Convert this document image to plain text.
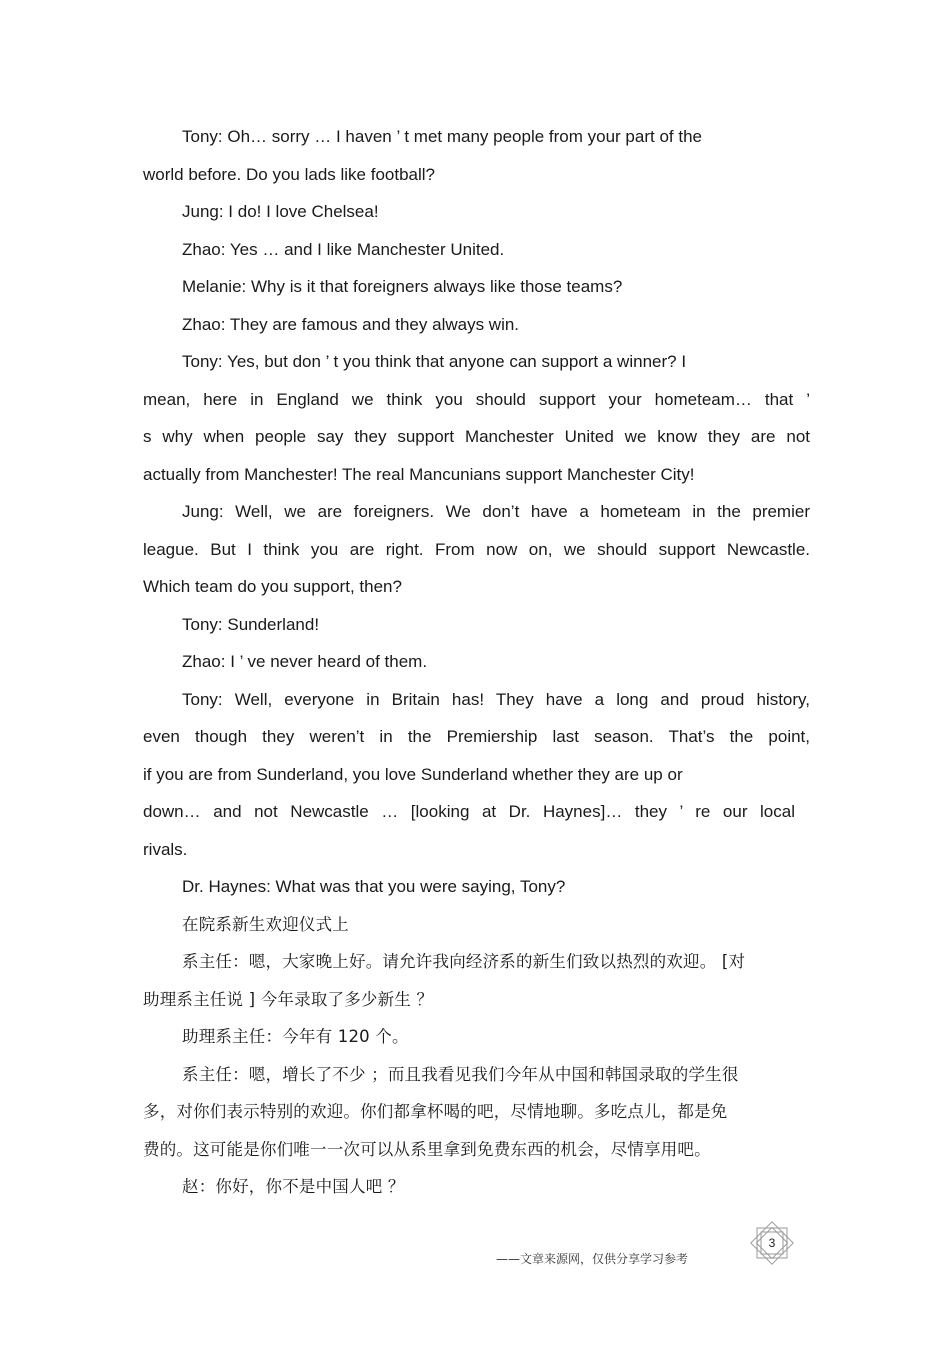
Tony: Oh… sorry … I haven ’ t met many people from your part of the
world before. Do you lads like football?
Jung: I do! I love Chelsea!
Zhao: Yes … and I like Manchester United.
Melanie: Why is it that foreigners always like those teams?
Zhao: They are famous and they always win.
Tony: Yes, but don ’ t you think that anyone can support a winner? I
mean, here in England we think you should support your hometeam… that ’
s why when people say they support Manchester United we know they are not
actually from Manchester! The real Mancunians support Manchester City!
Jung: Well, we are foreigners. We don’t have a hometeam in the premier
league. But I think you are right. From now on, we should support Newcastle.
Which team do you support, then?
Tony: Sunderland!
Zhao: I ’ ve never heard of them.
Tony: Well, everyone in Britain has! They have a long and proud history,
even though they weren’t in the Premiership last season. That’s the point,
if you are from Sunderland, you love Sunderland whether they are up or
down… and not Newcastle … [looking at Dr. Haynes]… they ’ re our local
rivals.
Dr. Haynes: What was that you were saying, Tony?
在院系新生欢迎仪式上
系主任：嗯，大家晚上好。请允许我向经济系的新生们致以热烈的欢迎。 [对
助理系主任说 ] 今年录取了多少新生 ？
助理系主任：今年有 120 个。
系主任：嗯，增长了不少 ；而且我看见我们今年从中国和韩国录取的学生很
多，对你们表示特别的欢迎。你们都拿杯喝的吧，尽情地聊。多吃点儿，都是免
费的。这可能是你们唯一一次可以从系里拿到免费东西的机会，尽情享用吧。
赵：你好，你不是中国人吧 ？
——文章来源网，仅供分享学习参考
3
